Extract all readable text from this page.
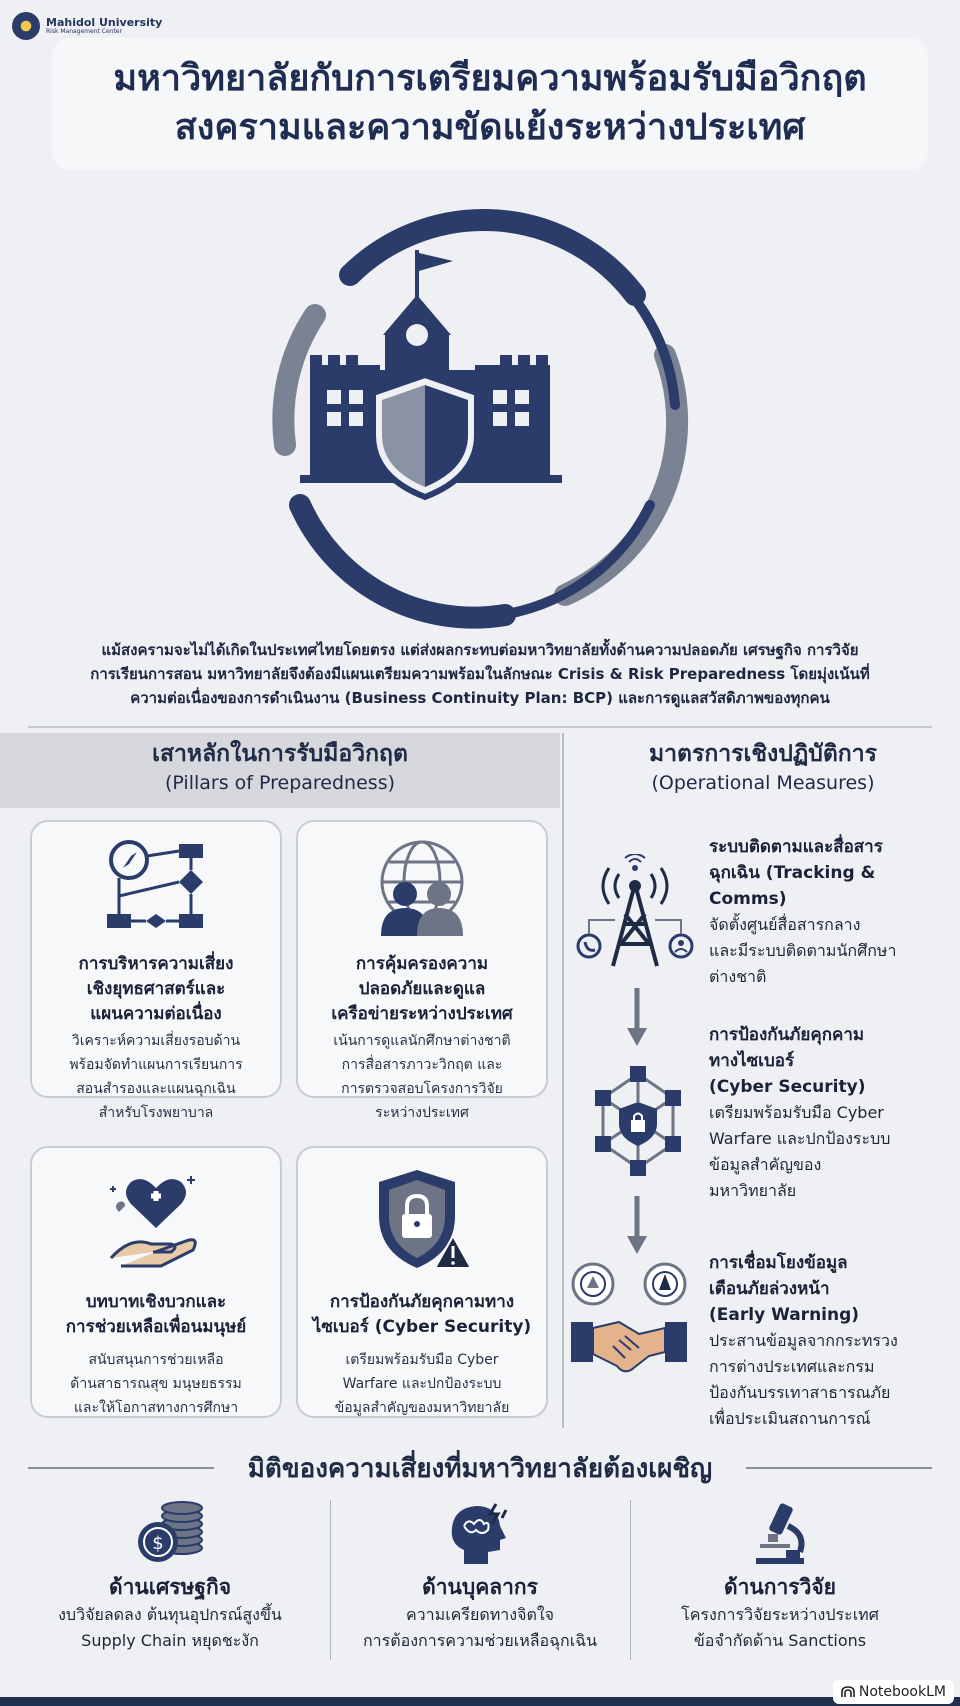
Mahidol University
Risk Management Center
มหาวิทยาลัยกับการเตรียมความพร้อมรับมือวิกฤต
สงครามและความขัดแย้งระหว่างประเทศ
แม้สงครามจะไม่ได้เกิดในประเทศไทยโดยตรง แต่ส่งผลกระทบต่อมหาวิทยาลัยทั้งด้านความปลอดภัย เศรษฐกิจ การวิจัย
การเรียนการสอน มหาวิทยาลัยจึงต้องมีแผนเตรียมความพร้อมในลักษณะ Crisis & Risk Preparedness โดยมุ่งเน้นที่
ความต่อเนื่องของการดำเนินงาน (Business Continuity Plan: BCP) และการดูแลสวัสดิภาพของทุกคน
เสาหลักในการรับมือวิกฤต
(Pillars of Preparedness)
มาตรการเชิงปฏิบัติการ
(Operational Measures)
การบริหารความเสี่ยง
เชิงยุทธศาสตร์และ
แผนความต่อเนื่อง
วิเคราะห์ความเสี่ยงรอบด้าน
พร้อมจัดทำแผนการเรียนการ
สอนสำรองและแผนฉุกเฉิน
สำหรับโรงพยาบาล
การคุ้มครองความ
ปลอดภัยและดูแล
เครือข่ายระหว่างประเทศ
เน้นการดูแลนักศึกษาต่างชาติ
การสื่อสารภาวะวิกฤต และ
การตรวจสอบโครงการวิจัย
ระหว่างประเทศ
บทบาทเชิงบวกและ
การช่วยเหลือเพื่อนมนุษย์
สนับสนุนการช่วยเหลือ
ด้านสาธารณสุข มนุษยธรรม
และให้โอกาสทางการศึกษา
การป้องกันภัยคุกคามทาง
ไซเบอร์ (Cyber Security)
เตรียมพร้อมรับมือ Cyber
Warfare และปกป้องระบบ
ข้อมูลสำคัญของมหาวิทยาลัย
ระบบติดตามและสื่อสาร
ฉุกเฉิน (Tracking &
Comms)
จัดตั้งศูนย์สื่อสารกลาง
และมีระบบติดตามนักศึกษา
ต่างชาติ
การป้องกันภัยคุกคาม
ทางไซเบอร์
(Cyber Security)
เตรียมพร้อมรับมือ Cyber
Warfare และปกป้องระบบ
ข้อมูลสำคัญของ
มหาวิทยาลัย
การเชื่อมโยงข้อมูล
เตือนภัยล่วงหน้า
(Early Warning)
ประสานข้อมูลจากกระทรวง
การต่างประเทศและกรม
ป้องกันบรรเทาสาธารณภัย
เพื่อประเมินสถานการณ์
มิติของความเสี่ยงที่มหาวิทยาลัยต้องเผชิญ
$
ด้านเศรษฐกิจ
งบวิจัยลดลง ต้นทุนอุปกรณ์สูงขึ้น
Supply Chain หยุดชะงัก
ด้านบุคลากร
ความเครียดทางจิตใจ
การต้องการความช่วยเหลือฉุกเฉิน
ด้านการวิจัย
โครงการวิจัยระหว่างประเทศ
ข้อจำกัดด้าน Sanctions
NotebookLM
